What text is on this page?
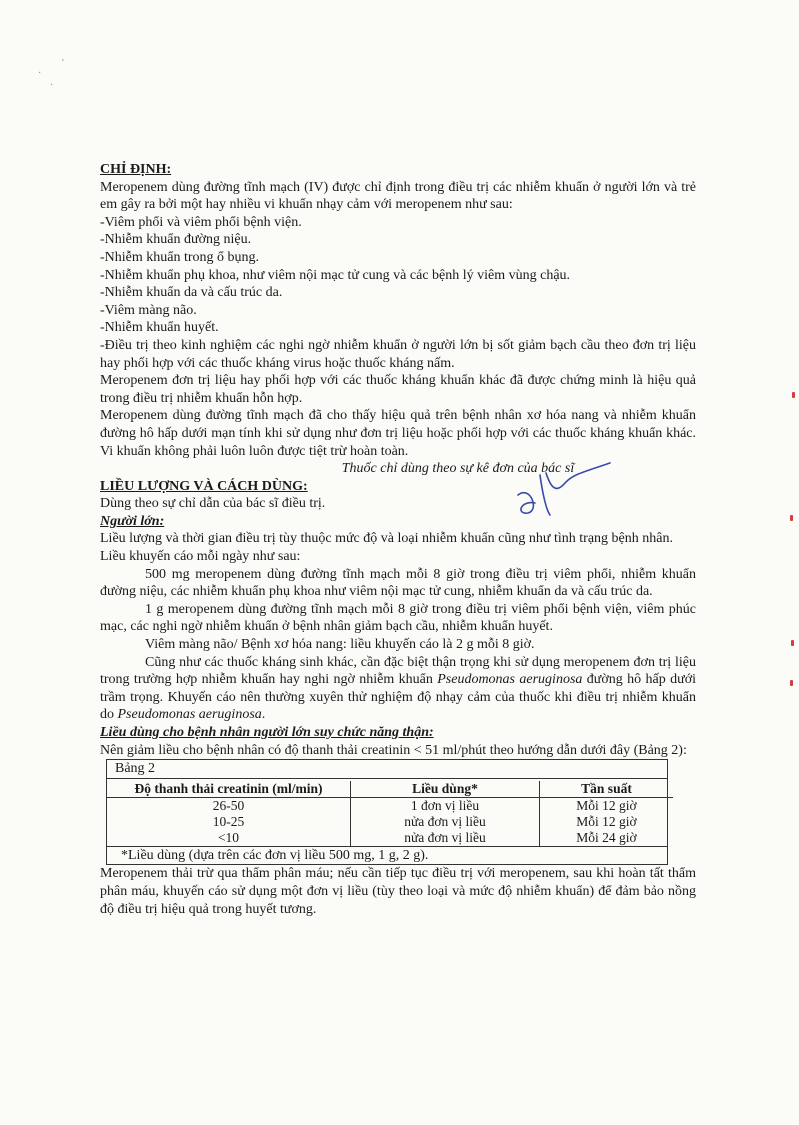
·
'
·

CHỈ ĐỊNH:

Meropenem dùng đường tĩnh mạch (IV) được chỉ định trong điều trị các nhiễm khuẩn ở người lớn và trẻ em gây ra bởi một hay nhiều vi khuẩn nhạy cảm với meropenem như sau:

-Viêm phổi và viêm phổi bệnh viện.

-Nhiễm khuẩn đường niệu.

-Nhiễm khuẩn trong ổ bụng.

-Nhiễm khuẩn phụ khoa, như viêm nội mạc tử cung và các bệnh lý viêm vùng chậu.

-Nhiễm khuẩn da và cấu trúc da.

-Viêm màng não.

-Nhiễm khuẩn huyết.

-Điều trị theo kinh nghiệm các nghi ngờ nhiễm khuẩn ở người lớn bị sốt giảm bạch cầu theo đơn trị liệu hay phối hợp với các thuốc kháng virus hoặc thuốc kháng nấm.

Meropenem đơn trị liệu hay phối hợp với các thuốc kháng khuẩn khác đã được chứng minh là hiệu quả trong điều trị nhiễm khuẩn hỗn hợp.

Meropenem dùng đường tĩnh mạch đã cho thấy hiệu quả trên bệnh nhân xơ hóa nang và nhiễm khuẩn đường hô hấp dưới mạn tính khi sử dụng như đơn trị liệu hoặc phối hợp với các thuốc kháng khuẩn khác. Vi khuẩn không phải luôn luôn được tiệt trừ hoàn toàn.

Thuốc chỉ dùng theo sự kê đơn của bác sĩ

LIỀU LƯỢNG VÀ CÁCH DÙNG:

Dùng theo sự chỉ dẫn của bác sĩ điều trị.

Người lớn:

Liều lượng và thời gian điều trị tùy thuộc mức độ và loại nhiễm khuẩn cũng như tình trạng bệnh nhân.

Liều khuyến cáo mỗi ngày như sau:

500 mg meropenem dùng đường tĩnh mạch mỗi 8 giờ trong điều trị viêm phổi, nhiễm khuẩn đường niệu, các nhiễm khuẩn phụ khoa như viêm nội mạc tử cung, nhiễm khuẩn da và cấu trúc da.

1 g meropenem dùng đường tĩnh mạch mỗi 8 giờ trong điều trị viêm phổi bệnh viện, viêm phúc mạc, các nghi ngờ nhiễm khuẩn ở bệnh nhân giảm bạch cầu, nhiễm khuẩn huyết.

Viêm màng não/ Bệnh xơ hóa nang: liều khuyến cáo là 2 g mỗi 8 giờ.

Cũng như các thuốc kháng sinh khác, cần đặc biệt thận trọng khi sử dụng meropenem đơn trị liệu trong trường hợp nhiễm khuẩn hay nghi ngờ nhiễm khuẩn Pseudomonas aeruginosa đường hô hấp dưới trầm trọng. Khuyến cáo nên thường xuyên thử nghiệm độ nhạy cảm của thuốc khi điều trị nhiễm khuẩn do Pseudomonas aeruginosa.

Liều dùng cho bệnh nhân người lớn suy chức năng thận:

Nên giảm liều cho bệnh nhân có độ thanh thải creatinin < 51 ml/phút theo hướng dẫn dưới đây (Bảng 2):

Bảng 2
Độ thanh thải creatinin (ml/min)	Liều dùng*	Tần suất
26-50	1 đơn vị liều	Mỗi 12 giờ
10-25	nửa đơn vị liều	Mỗi 12 giờ
<10	nửa đơn vị liều	Mỗi 24 giờ
*Liều dùng (dựa trên các đơn vị liều 500 mg, 1 g, 2 g).

Meropenem thải trừ qua thẩm phân máu; nếu cần tiếp tục điều trị với meropenem, sau khi hoàn tất thẩm phân máu, khuyến cáo sử dụng một đơn vị liều (tùy theo loại và mức độ nhiễm khuẩn) để đảm bảo nồng độ điều trị hiệu quả trong huyết tương.
